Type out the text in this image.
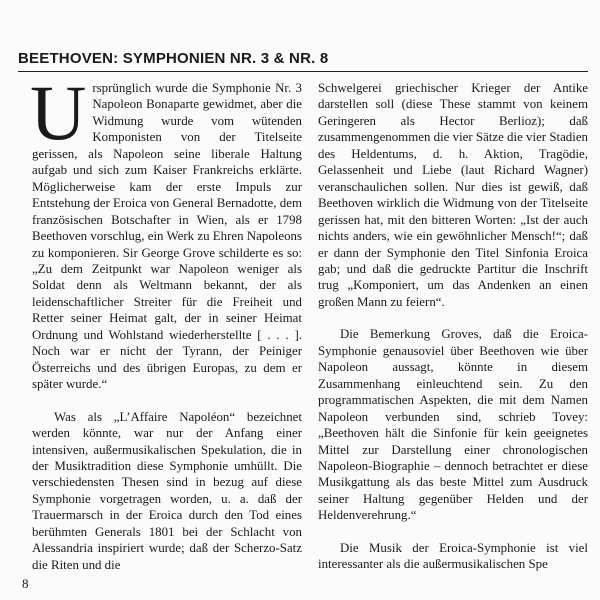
BEETHOVEN: SYMPHONIEN NR. 3 & NR. 8

Ursprünglich wurde die Symphonie Nr. 3 Napoleon Bonaparte gewidmet, aber die Widmung wurde vom wütenden Komponisten von der Titelseite gerissen, als Napoleon seine liberale Haltung aufgab und sich zum Kaiser Frankreichs erklärte. Möglicherweise kam der erste Impuls zur Entstehung der Eroica von General Bernadotte, dem französischen Botschafter in Wien, als er 1798 Beethoven vorschlug, ein Werk zu Ehren Napoleons zu komponieren. Sir George Grove schilderte es so: „Zu dem Zeitpunkt war Napoleon weniger als Soldat denn als Weltmann bekannt, der als leidenschaftlicher Streiter für die Freiheit und Retter seiner Heimat galt, der in seiner Heimat Ordnung und Wohlstand wiederherstellte [ . . . ]. Noch war er nicht der Tyrann, der Peiniger Österreichs und des übrigen Europas, zu dem er später wurde.“

Was als „L’Affaire Napoléon“ bezeichnet werden könnte, war nur der Anfang einer intensiven, außermusikalischen Spekulation, die in der Musiktradition diese Symphonie umhüllt. Die verschiedensten Thesen sind in bezug auf diese Symphonie vorgetragen worden, u. a. daß der Trauermarsch in der Eroica durch den Tod eines berühmten Generals 1801 bei der Schlacht von Alessandria inspiriert wurde; daß der Scherzo-Satz die Riten und die

Schwelgerei griechischer Krieger der Antike darstellen soll (diese These stammt von keinem Geringeren als Hector Berlioz); daß zusammengenommen die vier Sätze die vier Stadien des Heldentums, d. h. Aktion, Tragödie, Gelassenheit und Liebe (laut Richard Wagner) veranschaulichen sollen. Nur dies ist gewiß, daß Beethoven wirklich die Widmung von der Titelseite gerissen hat, mit den bitteren Worten: „Ist der auch nichts anders, wie ein gewöhnlicher Mensch!“; daß er dann der Symphonie den Titel Sinfonia Eroica gab; und daß die gedruckte Partitur die Inschrift trug „Komponiert, um das Andenken an einen großen Mann zu feiern“.

Die Bemerkung Groves, daß die Eroica-Symphonie genausoviel über Beethoven wie über Napoleon aussagt, könnte in diesem Zusammenhang einleuchtend sein. Zu den programmatischen Aspekten, die mit dem Namen Napoleon verbunden sind, schrieb Tovey: „Beethoven hält die Sinfonie für kein geeignetes Mittel zur Darstellung einer chronologischen Napoleon-Biographie – dennoch betrachtet er diese Musikgattung als das beste Mittel zum Ausdruck seiner Haltung gegenüber Helden und der Heldenverehrung.“

Die Musik der Eroica-Symphonie ist viel interessanter als die außermusikalischen Spe

8
